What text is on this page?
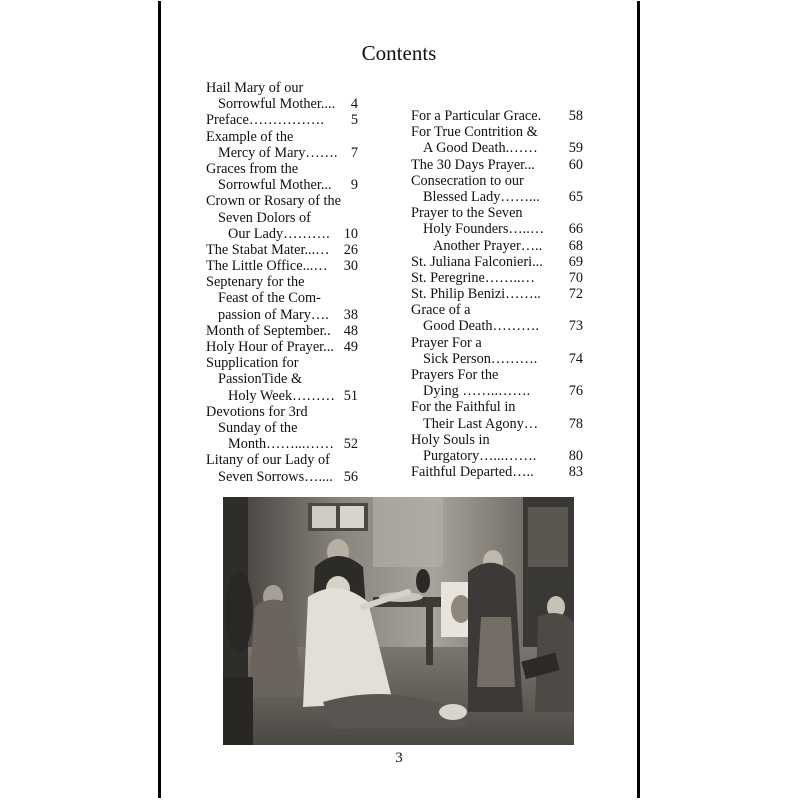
Contents
Hail Mary of our
Sorrowful Mother.... 4
Preface……………. 5
Example of the
Mercy of Mary……. 7
Graces from the
Sorrowful Mother... 9
Crown or Rosary of the
Seven Dolors of
Our Lady………. 10
The Stabat Mater...… 26
The Little Office...… 30
Septenary for the
Feast of the Com-
passion of Mary…. 38
Month of September.. 48
Holy Hour of Prayer... 49
Supplication for
PassionTide &
Holy Week……… 51
Devotions for 3rd
Sunday of the
Month……...…… 52
Litany of our Lady of
Seven Sorrows….... 56
For a Particular Grace. 58
For True Contrition &
A Good Death.…… 59
The 30 Days Prayer... 60
Consecration to our
Blessed Lady……... 65
Prayer to the Seven
Holy Founders…..… 66
Another Prayer….. 68
St. Juliana Falconieri... 69
St. Peregrine……..… 70
St. Philip Benizi…….. 72
Grace of a
Good Death………. 73
Prayer For a
Sick Person………. 74
Prayers For the
Dying ……..…….	76
For the Faithful in
Their Last Agony… 78
Holy Souls in
Purgatory…...……. 80
Faithful Departed….. 83
3
